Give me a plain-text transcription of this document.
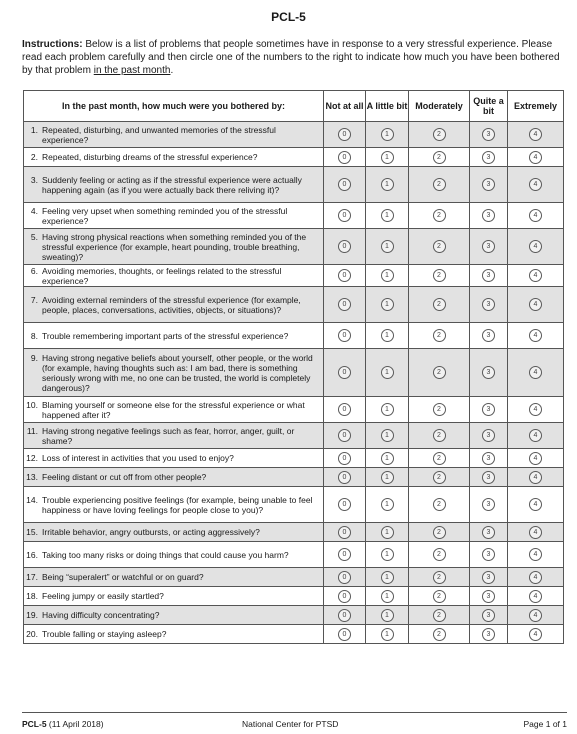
PCL-5
Instructions: Below is a list of problems that people sometimes have in response to a very stressful experience. Please read each problem carefully and then circle one of the numbers to the right to indicate how much you have been bothered by that problem in the past month.
In the past month, how much were you bothered by:	Not at all	A little bit	Moderately	Quite a bit	Extremely

1. Repeated, disturbing, and unwanted memories of the stressful experience?	0	1	2	3	4

2. Repeated, disturbing dreams of the stressful experience?	0	1	2	3	4

3. Suddenly feeling or acting as if the stressful experience were actually happening again (as if you were actually back there reliving it)?	0	1	2	3	4

4. Feeling very upset when something reminded you of the stressful experience?	0	1	2	3	4

5. Having strong physical reactions when something reminded you of the stressful experience (for example, heart pounding, trouble breathing, sweating)?	0	1	2	3	4

6. Avoiding memories, thoughts, or feelings related to the stressful experience?	0	1	2	3	4

7. Avoiding external reminders of the stressful experience (for example, people, places, conversations, activities, objects, or situations)?	0	1	2	3	4

8. Trouble remembering important parts of the stressful experience?	0	1	2	3	4

9. Having strong negative beliefs about yourself, other people, or the world (for example, having thoughts such as: I am bad, there is something seriously wrong with me, no one can be trusted, the world is completely dangerous)?	0	1	2	3	4

10. Blaming yourself or someone else for the stressful experience or what happened after it?	0	1	2	3	4

11. Having strong negative feelings such as fear, horror, anger, guilt, or shame?	0	1	2	3	4

12. Loss of interest in activities that you used to enjoy?	0	1	2	3	4

13. Feeling distant or cut off from other people?	0	1	2	3	4

14. Trouble experiencing positive feelings (for example, being unable to feel happiness or have loving feelings for people close to you)?	0	1	2	3	4

15. Irritable behavior, angry outbursts, or acting aggressively?	0	1	2	3	4

16. Taking too many risks or doing things that could cause you harm?	0	1	2	3	4

17. Being “superalert” or watchful or on guard?	0	1	2	3	4

18. Feeling jumpy or easily startled?	0	1	2	3	4

19. Having difficulty concentrating?	0	1	2	3	4

20. Trouble falling or staying asleep?	0	1	2	3	4
PCL-5 (11 April 2018)	National Center for PTSD	Page 1 of 1
